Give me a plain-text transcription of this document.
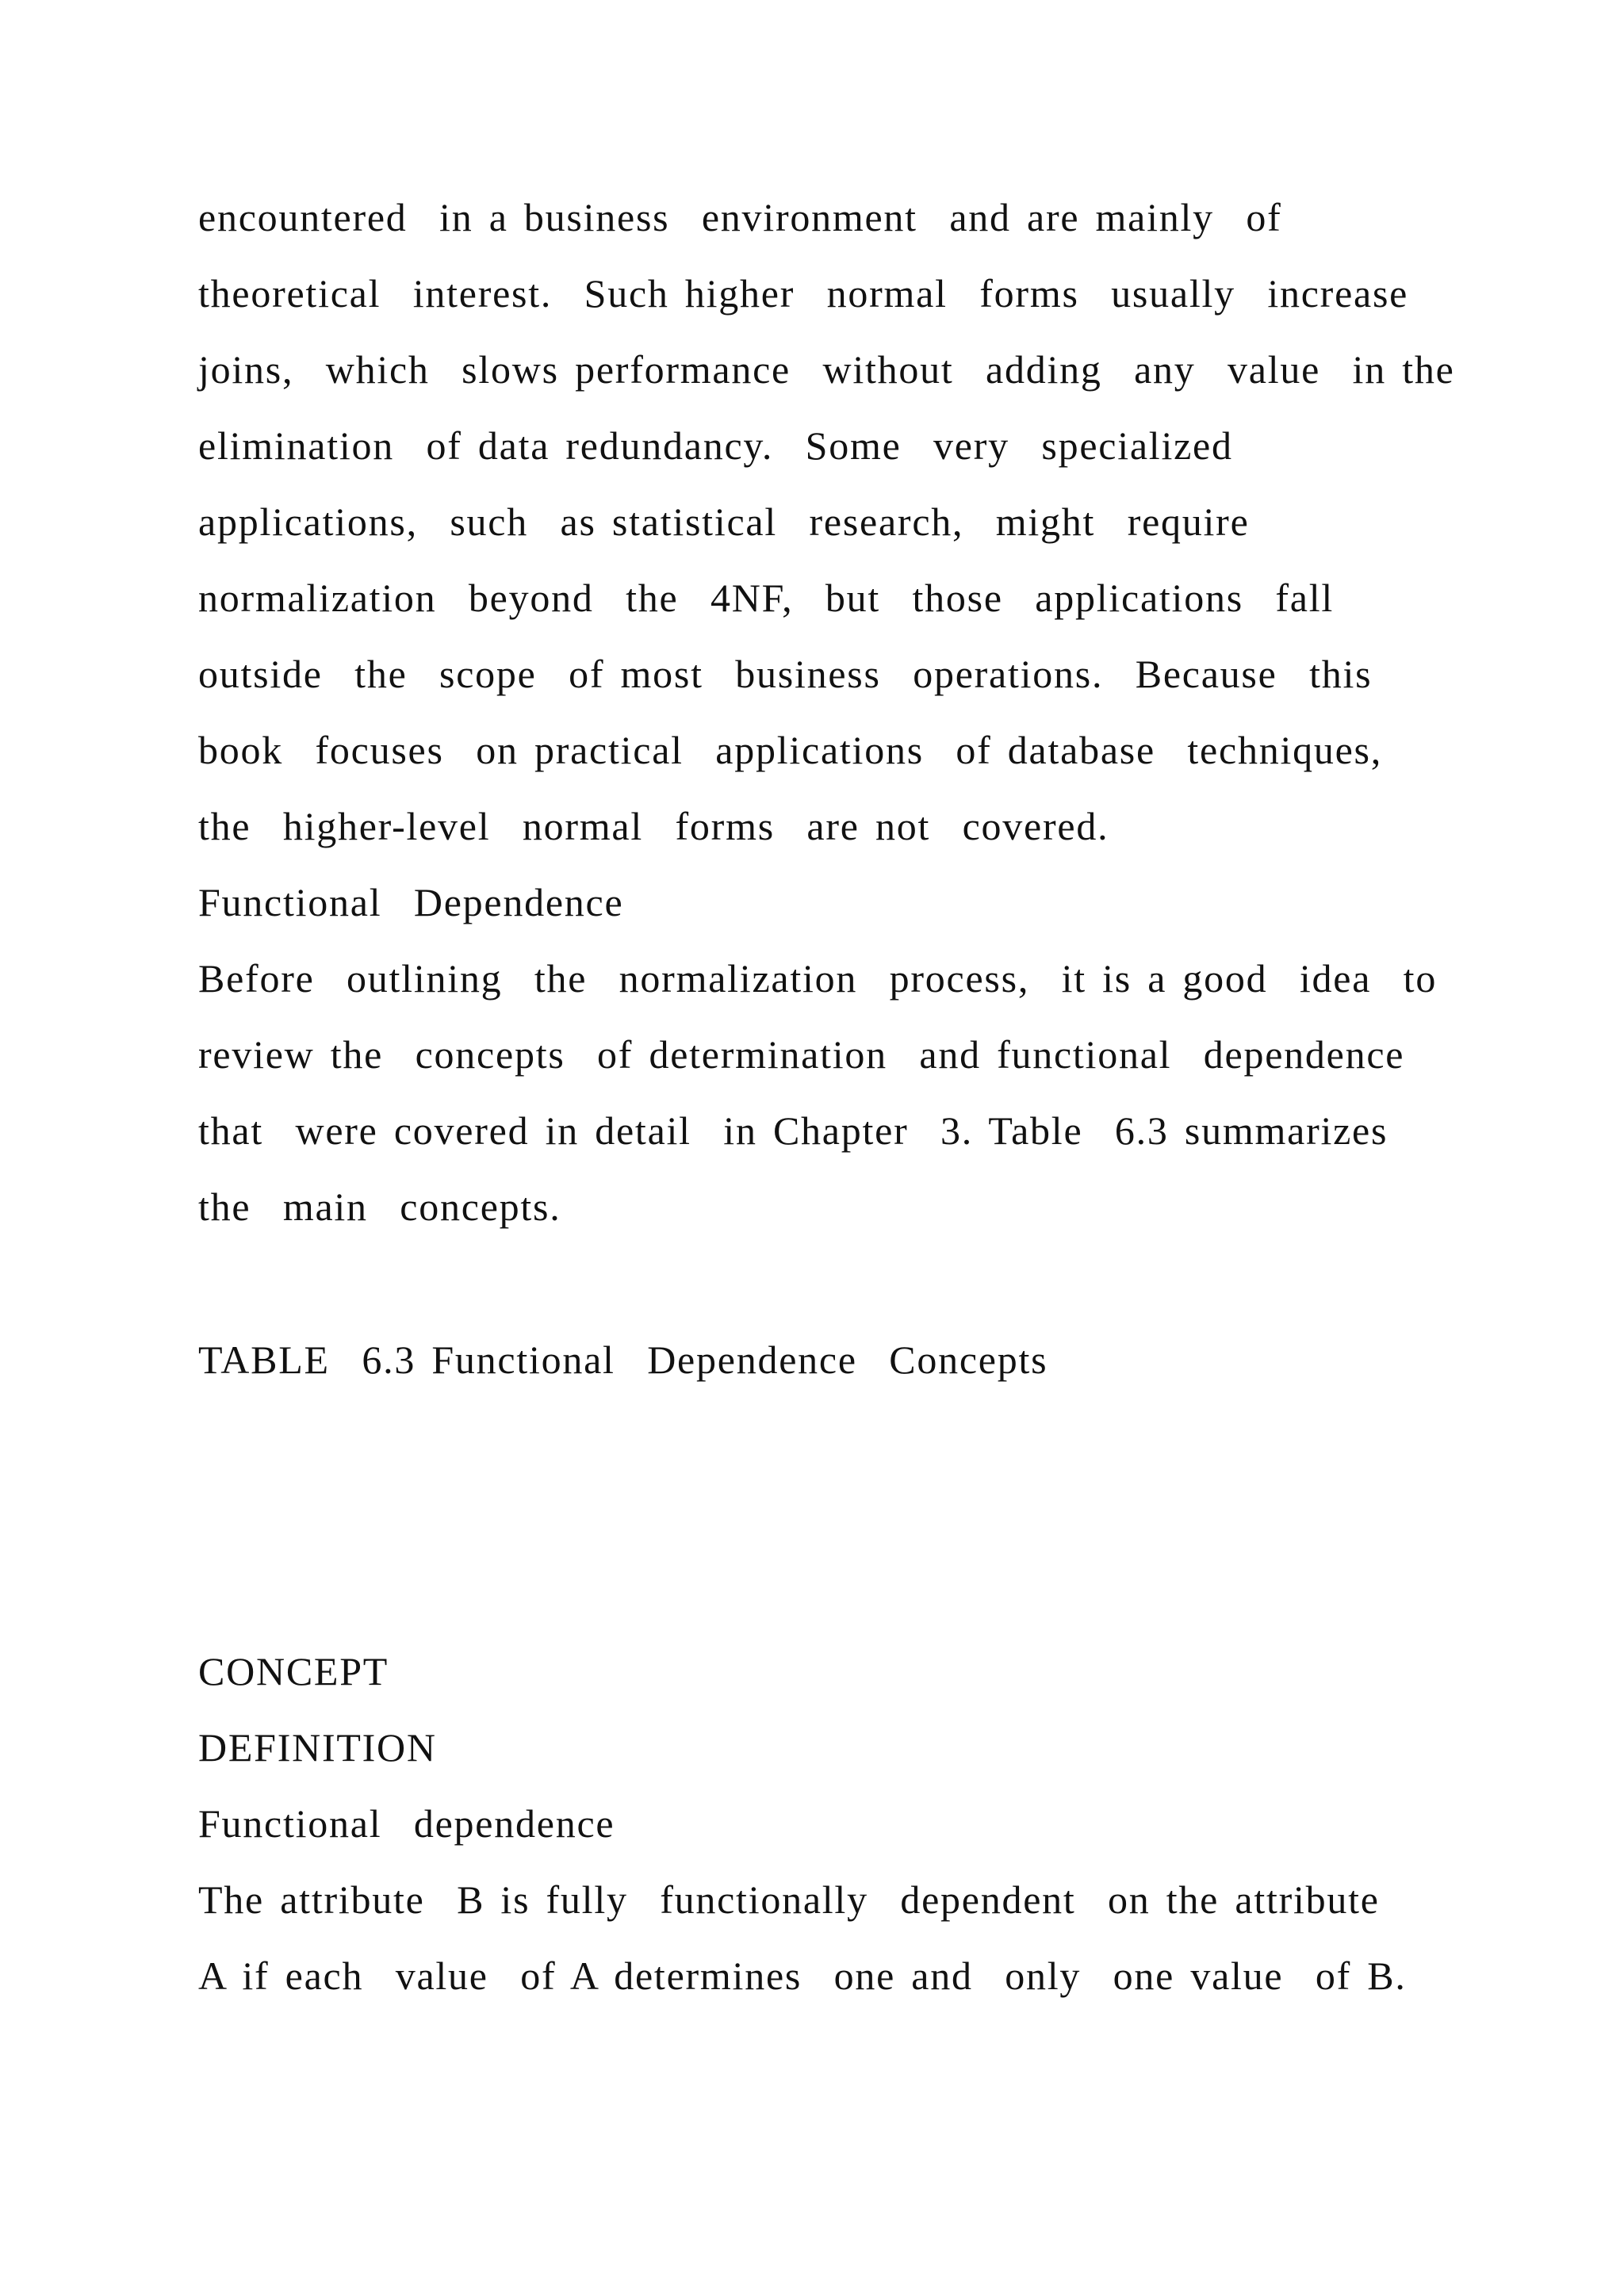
encountered  in a business  environment  and are mainly  of

theoretical  interest.  Such higher  normal  forms  usually  increase

joins,  which  slows performance  without  adding  any  value  in the

elimination  of data redundancy.  Some  very  specialized

applications,  such  as statistical  research,  might  require

normalization  beyond  the  4NF,  but  those  applications  fall

outside  the  scope  of most  business  operations.  Because  this

book  focuses  on practical  applications  of database  techniques,

the  higher-level  normal  forms  are not  covered.

Functional  Dependence

Before  outlining  the  normalization  process,  it is a good  idea  to

review the  concepts  of determination  and functional  dependence

that  were covered in detail  in Chapter  3. Table  6.3 summarizes

the  main  concepts.

TABLE  6.3 Functional  Dependence  Concepts

CONCEPT

DEFINITION

Functional  dependence

The attribute  B is fully  functionally  dependent  on the attribute

A if each  value  of A determines  one and  only  one value  of B.
